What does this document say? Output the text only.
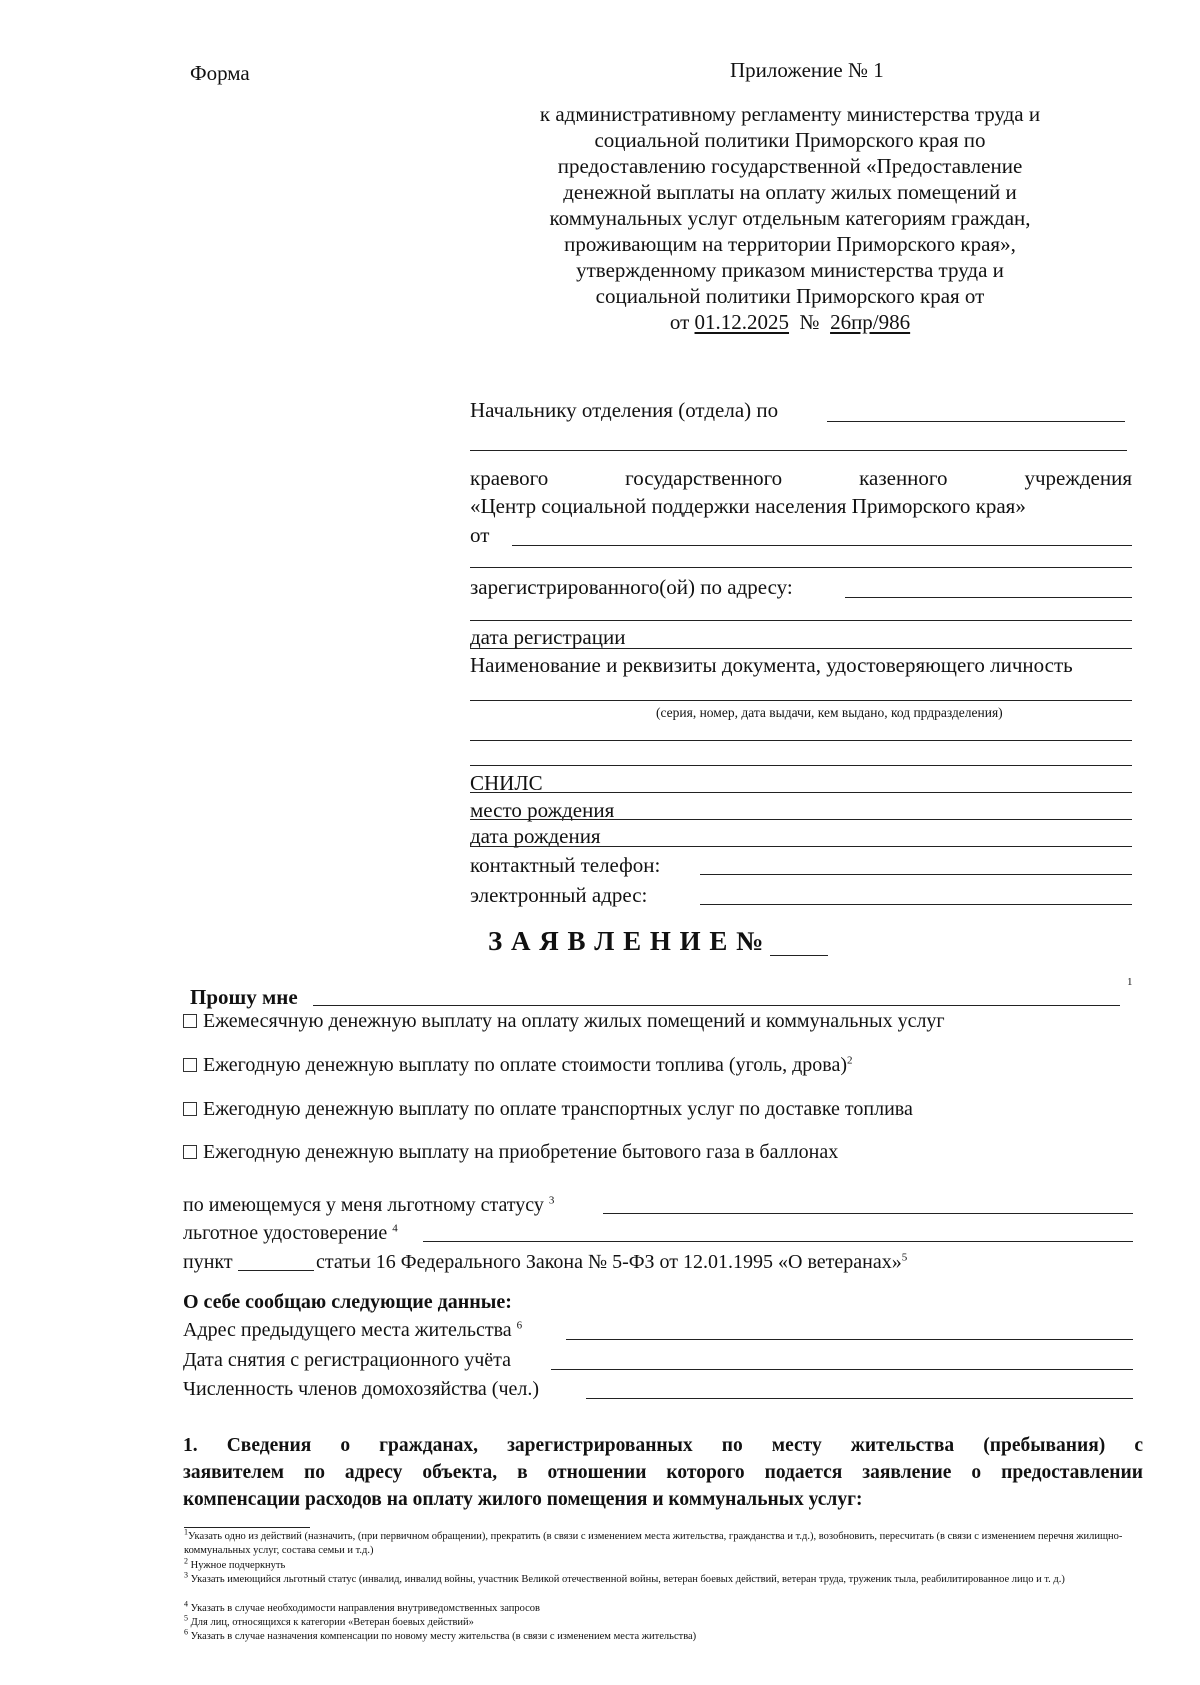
Форма	Приложение № 1
к административному регламенту министерства труда и
социальной политики Приморского края по
предоставлению государственной «Предоставление
денежной выплаты на оплату жилых помещений и
коммунальных услуг отдельным категориям граждан,
проживающим на территории Приморского края»,
утвержденному приказом министерства труда и
социальной политики Приморского края от
от 01.12.2025 № 26пр/986
Начальнику отделения (отдела) по
краевого	государственного	казенного	учреждения
«Центр социальной поддержки населения Приморского края»
от
зарегистрированного(ой) по адресу:
дата регистрации
Наименование и реквизиты документа, удостоверяющего личность
(серия, номер, дата выдачи, кем выдано, код прдразделения)
СНИЛС
место рождения
дата рождения
контактный телефон:
электронный адрес:
З А Я В Л Е Н И Е №
Прошу мне
1
Ежемесячную денежную выплату на оплату жилых помещений и коммунальных услуг
Ежегодную денежную выплату по оплате стоимости топлива (уголь, дрова)$^2$
Ежегодную денежную выплату по оплате транспортных услуг по доставке топлива
Ежегодную денежную выплату на приобретение бытового газа в баллонах
по имеющемуся у меня льготному статусу $^3$
льготное удостоверение $^4$
пункт	статьи 16 Федерального Закона № 5-ФЗ от 12.01.1995 «О ветеранах»$^5$
О себе сообщаю следующие данные:
Адрес предыдущего места жительства $^6$
Дата снятия с регистрационного учёта
Численность членов домохозяйства (чел.)
1. Сведения о гражданах, зарегистрированных по месту жительства (пребывания) с
заявителем по адресу объекта, в отношении которого подается заявление о предоставлении
компенсации расходов на оплату жилого помещения и коммунальных услуг:
$^1$Указать одно из действий (назначить, (при первичном обращении), прекратить (в связи с изменением места жительства, гражданства и т.д.), возобновить, пересчитать (в связи с изменением перечня жилищно-коммунальных услуг, состава семьи и т.д.)
$^2$ Нужное подчеркнуть
$^3$ Указать имеющийся льготный статус (инвалид, инвалид войны, участник Великой отечественной войны, ветеран боевых действий, ветеран труда, труженик тыла, реабилитированное лицо и т. д.)
$^4$ Указать в случае необходимости направления внутриведомственных запросов
$^5$ Для лиц, относящихся к категории «Ветеран боевых действий»
$^6$ Указать в случае назначения компенсации по новому месту жительства (в связи с изменением места жительства)
